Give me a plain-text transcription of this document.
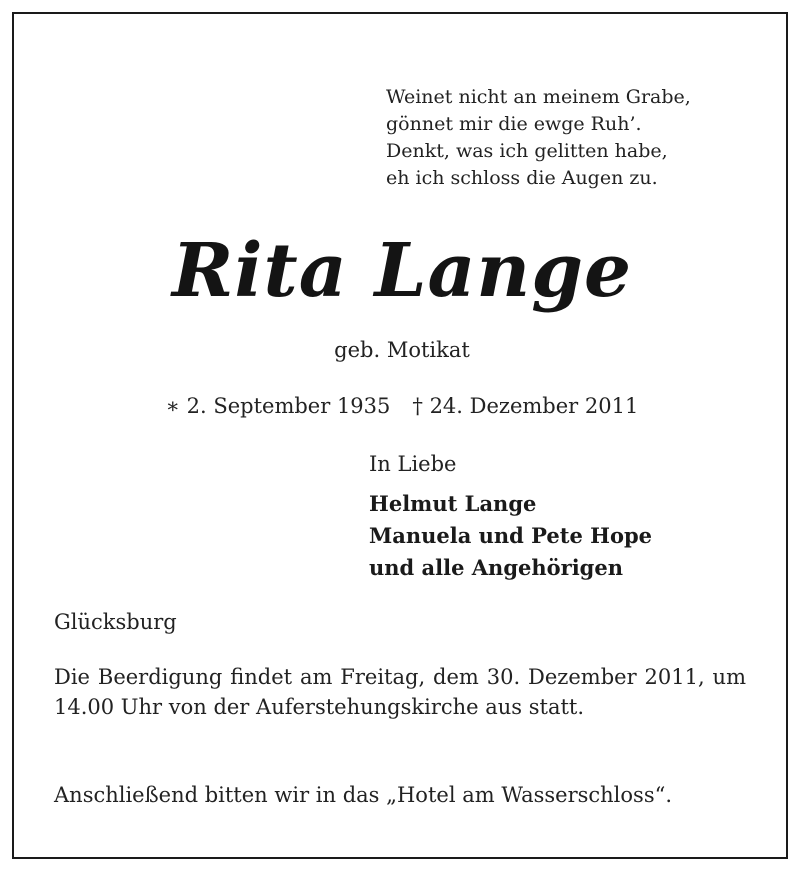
Weinet nicht an meinem Grabe,
gönnet mir die ewge Ruh’.
Denkt, was ich gelitten habe,
eh ich schloss die Augen zu.
Rita Lange
geb. Motikat
∗ 2. September 1935 † 24. Dezember 2011
In Liebe
Helmut Lange
Manuela und Pete Hope
und alle Angehörigen
Glücksburg
Die Beerdigung findet am Freitag, dem 30. Dezember 2011, um 14.00 Uhr von der Auferstehungskirche aus statt.
Anschließend bitten wir in das „Hotel am Wasserschloss“.
